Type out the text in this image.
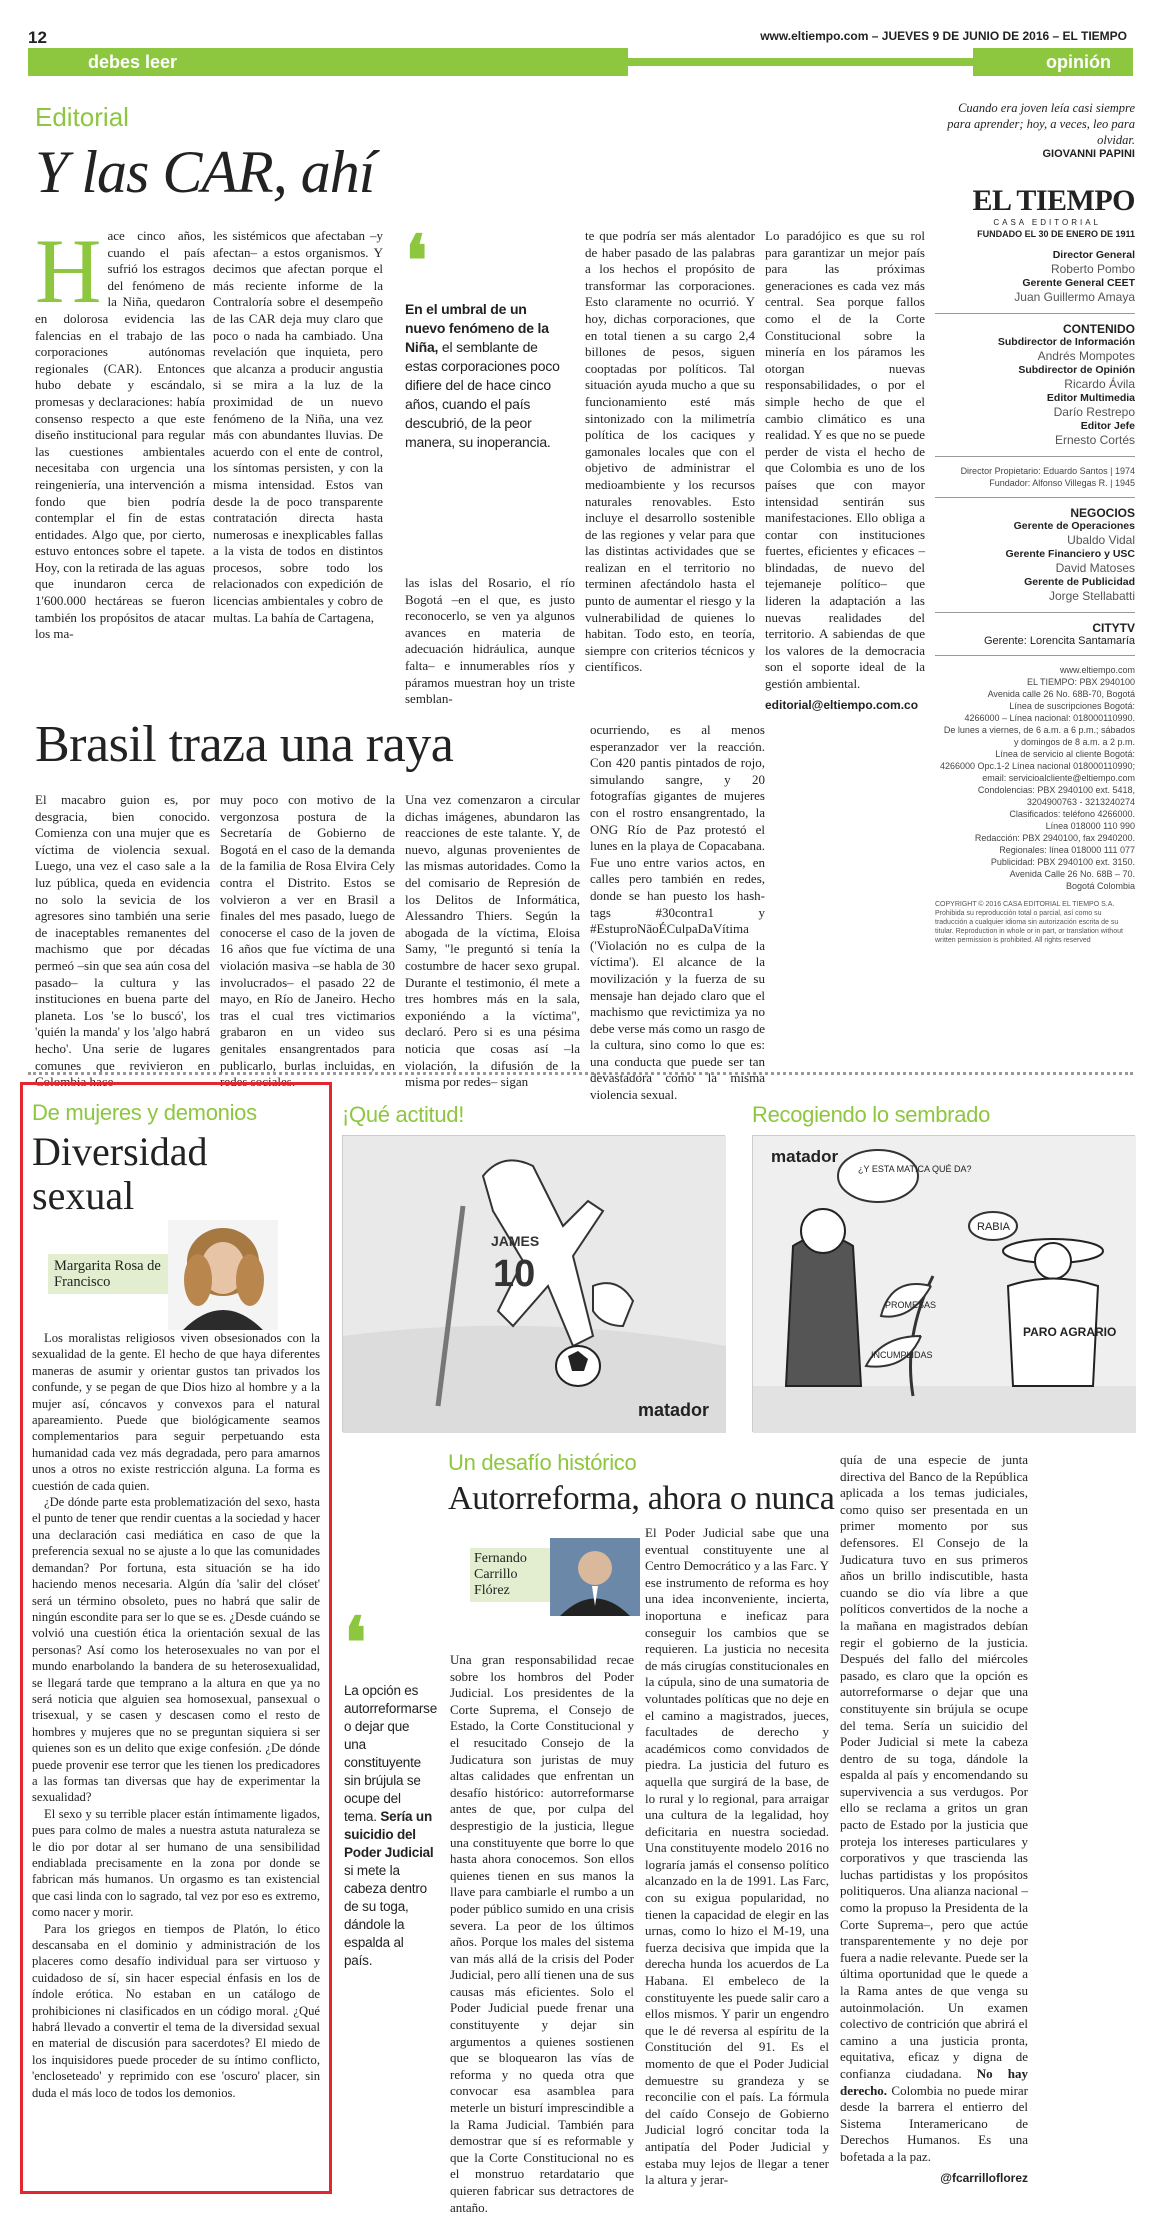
12	www.eltiempo.com – JUEVES 9 DE JUNIO DE 2016 – EL TIEMPO
debes leer	opinión
Editorial
Y las CAR, ahí
H ace cinco años, cuando el país sufrió los estragos del fenómeno de la Niña, quedaron en dolorosa evidencia las falencias en el trabajo de las corporaciones autónomas regionales (CAR). Entonces hubo debate y escándalo, promesas y declaraciones: había consenso respecto a que este diseño institucional para regular las cuestiones ambientales necesitaba con urgencia una reingeniería, una intervención a fondo que bien podría contemplar el fin de estas entidades. Algo que, por cierto, estuvo entonces sobre el tapete. Hoy, con la retirada de las aguas que inundaron cerca de 1'600.000 hectáreas se fueron también los propósitos de atacar los ma-
les sistémicos que afectaban –y afectan– a estos organismos. Y decimos que afectan porque el más reciente informe de la Contraloría sobre el desempeño de las CAR deja muy claro que poco o nada ha cambiado. Una revelación que inquieta, pero que alcanza a producir angustia si se mira a la luz de la proximidad de un nuevo fenómeno de la Niña, una vez más con abundantes lluvias. De acuerdo con el ente de control, los síntomas persisten, y con la misma intensidad. Estos van desde la de poco transparente contratación directa hasta numerosas e inexplicables fallas a la vista de todos en distintos procesos, sobre todo los relacionados con expedición de licencias ambientales y cobro de multas. La bahía de Cartagena,
❛
En el umbral de un nuevo fenómeno de la Niña, el semblante de estas corporaciones poco difiere del de hace cinco años, cuando el país descubrió, de la peor manera, su inoperancia.
las islas del Rosario, el río Bogotá –en el que, es justo reconocerlo, se ven ya algunos avances en materia de adecuación hidráulica, aunque falta– e innumerables ríos y páramos muestran hoy un triste semblan-
te que podría ser más alentador de haber pasado de las palabras a los hechos el propósito de transformar las corporaciones. Esto claramente no ocurrió. Y hoy, dichas corporaciones, que en total tienen a su cargo 2,4 billones de pesos, siguen cooptadas por políticos. Tal situación ayuda mucho a que su funcionamiento esté más sintonizado con la milimetría política de los caciques y gamonales locales que con el objetivo de administrar el medioambiente y los recursos naturales renovables. Esto incluye el desarrollo sostenible de las regiones y velar para que las distintas actividades que se realizan en el territorio no terminen afectándolo hasta el punto de aumentar el riesgo y la vulnerabilidad de quienes lo habitan. Todo esto, en teoría, siempre con criterios técnicos y científicos.
Lo paradójico es que su rol para garantizar un mejor país para las próximas generaciones es cada vez más central. Sea porque fallos como el de la Corte Constitucional sobre la minería en los páramos les otorgan nuevas responsabilidades, o por el simple hecho de que el cambio climático es una realidad. Y es que no se puede perder de vista el hecho de que Colombia es uno de los países que con mayor intensidad sentirán sus manifestaciones. Ello obliga a contar con instituciones fuertes, eficientes y eficaces –blindadas, de nuevo del tejemaneje político– que lideren la adaptación a las nuevas realidades del territorio. A sabiendas de que los valores de la democracia son el soporte ideal de la gestión ambiental.
editorial@eltiempo.com.co
Cuando era joven leía casi siempre para aprender; hoy, a veces, leo para olvidar.
GIOVANNI PAPINI
EL TIEMPO
CASA EDITORIAL
FUNDADO EL 30 DE ENERO DE 1911
Director General
Roberto Pombo
Gerente General CEET
Juan Guillermo Amaya
CONTENIDO
Subdirector de Información
Andrés Mompotes
Subdirector de Opinión
Ricardo Ávila
Editor Multimedia
Darío Restrepo
Editor Jefe
Ernesto Cortés
Director Propietario: Eduardo Santos | 1974
Fundador: Alfonso Villegas R. | 1945
NEGOCIOS
Gerente de Operaciones
Ubaldo Vidal
Gerente Financiero y USC
David Matoses
Gerente de Publicidad
Jorge Stellabatti
CITYTV
Gerente: Lorencita Santamaría
www.eltiempo.com
EL TIEMPO: PBX 2940100
Avenida calle 26 No. 68B-70, Bogotá
Línea de suscripciones Bogotá:
4266000 – Línea nacional: 018000110990.
De lunes a viernes, de 6 a.m. a 6 p.m.; sábados
y domingos de 8 a.m. a 2 p.m.
Línea de servicio al cliente Bogotá:
4266000 Opc.1-2 Línea nacional 018000110990;
email: servicioalcliente@eltiempo.com
Condolencias: PBX 2940100 ext. 5418,
3204900763 - 3213240274
Clasificados: teléfono 4266000.
Línea 018000 110 990
Redacción: PBX 2940100, fax 2940200.
Regionales: línea 018000 111 077
Publicidad: PBX 2940100 ext. 3150.
Avenida Calle 26 No. 68B – 70.
Bogotá Colombia
COPYRIGHT © 2016 CASA EDITORIAL EL TIEMPO S.A. Prohibida su reproducción total o parcial, así como su traducción a cualquier idioma sin autorización escrita de su titular. Reproduction in whole or in part, or translation without written permission is prohibited. All rights reserved
Brasil traza una raya
El macabro guion es, por desgracia, bien conocido. Comienza con una mujer que es víctima de violencia sexual. Luego, una vez el caso sale a la luz pública, queda en evidencia no solo la sevicia de los agresores sino también una serie de inaceptables remanentes del machismo que por décadas permeó –sin que sea aún cosa del pasado– la cultura y las instituciones en buena parte del planeta. Los 'se lo buscó', los 'quién la manda' y los 'algo habrá hecho'. Una serie de lugares comunes que revivieron en Colombia hace
muy poco con motivo de la vergonzosa postura de la Secretaría de Gobierno de Bogotá en el caso de la demanda de la familia de Rosa Elvira Cely contra el Distrito. Estos se volvieron a ver en Brasil a finales del mes pasado, luego de conocerse el caso de la joven de 16 años que fue víctima de una violación masiva –se habla de 30 involucrados– el pasado 22 de mayo, en Río de Janeiro. Hecho tras el cual tres victimarios grabaron en un video sus genitales ensangrentados para publicarlo, burlas incluidas, en redes sociales.
Una vez comenzaron a circular dichas imágenes, abundaron las reacciones de este talante. Y, de nuevo, algunas provenientes de las mismas autoridades. Como la del comisario de Represión de los Delitos de Informática, Alessandro Thiers. Según la abogada de la víctima, Eloisa Samy, "le preguntó si tenía la costumbre de hacer sexo grupal. Durante el testimonio, él mete a tres hombres más en la sala, exponiéndo a la víctima", declaró. Pero si es una pésima noticia que cosas así –la violación, la difusión de la misma por redes– sigan
ocurriendo, es al menos esperanzador ver la reacción. Con 420 pantis pintados de rojo, simulando sangre, y 20 fotografías gigantes de mujeres con el rostro ensangrentado, la ONG Río de Paz protestó el lunes en la playa de Copacabana. Fue uno entre varios actos, en calles pero también en redes, donde se han puesto los hash-tags #30contra1 y #EstuproNãoÉCulpaDaVítima ('Violación no es culpa de la víctima'). El alcance de la movilización y la fuerza de su mensaje han dejado claro que el machismo que revictimiza ya no debe verse más como un rasgo de la cultura, sino como lo que es: una conducta que puede ser tan devastadora como la misma violencia sexual.
De mujeres y demonios
Diversidad sexual
Margarita Rosa de Francisco

Los moralistas religiosos viven obsesionados con la sexualidad de la gente. El hecho de que haya diferentes maneras de asumir y orientar gustos tan privados los confunde, y se pegan de que Dios hizo al hombre y a la mujer así, cóncavos y convexos para el natural apareamiento. Puede que biológicamente seamos complementarios para seguir perpetuando esta humanidad cada vez más degradada, pero para amarnos unos a otros no existe restricción alguna. La forma es cuestión de cada quien.

¿De dónde parte esta problematización del sexo, hasta el punto de tener que rendir cuentas a la sociedad y hacer una declaración casi mediática en caso de que la preferencia sexual no se ajuste a lo que las comunidades demandan? Por fortuna, esta situación se ha ido haciendo menos necesaria. Algún día 'salir del clóset' será un término obsoleto, pues no habrá que salir de ningún escondite para ser lo que se es. ¿Desde cuándo se volvió una cuestión ética la orientación sexual de las personas? Así como los heterosexuales no van por el mundo enarbolando la bandera de su heterosexualidad, se llegará tarde que temprano a la altura en que ya no será noticia que alguien sea homosexual, pansexual o trisexual, y se casen y descasen como el resto de hombres y mujeres que no se preguntan siquiera si ser quienes son es un delito que exige confesión. ¿De dónde puede provenir ese terror que les tienen los predicadores a las formas tan diversas que hay de experimentar la sexualidad?

El sexo y su terrible placer están íntimamente ligados, pues para colmo de males a nuestra astuta naturaleza se le dio por dotar al ser humano de una sensibilidad endiablada precisamente en la zona por donde se fabrican más humanos. Un orgasmo es tan existencial que casi linda con lo sagrado, tal vez por eso es extremo, como nacer y morir.

Para los griegos en tiempos de Platón, lo ético descansaba en el dominio y administración de los placeres como desafío individual para ser virtuoso y cuidadoso de sí, sin hacer especial énfasis en los de índole erótica. No estaban en un catálogo de prohibiciones ni clasificados en un código moral. ¿Qué habrá llevado a convertir el tema de la diversidad sexual en material de discusión para sacerdotes? El miedo de los inquisidores puede proceder de su íntimo conflicto, 'encloseteado' y reprimido con ese 'oscuro' placer, sin duda el más loco de todos los demonios.

¡Qué actitud!
JAMES
10
matador
Recogiendo lo sembrado
matador
¿Y ESTA MATICA QUÉ DA?
RABIA
PROMESAS
INCUMPLIDAS
PARO AGRARIO
Un desafío histórico
Autorreforma, ahora o nunca
❛
La opción es autorreformarse o dejar que una constituyente sin brújula se ocupe del tema. Sería un suicidio del Poder Judicial si mete la cabeza dentro de su toga, dándole la espalda al país.
Fernando Carrillo Flórez
Una gran responsabilidad recae sobre los hombros del Poder Judicial. Los presidentes de la Corte Suprema, el Consejo de Estado, la Corte Constitucional y el resucitado Consejo de la Judicatura son juristas de muy altas calidades que enfrentan un desafío histórico: autorreformarse antes de que, por culpa del desprestigio de la justicia, llegue una constituyente que borre lo que hasta ahora conocemos. Son ellos quienes tienen en sus manos la llave para cambiarle el rumbo a un poder público sumido en una crisis severa. La peor de los últimos años. Porque los males del sistema van más allá de la crisis del Poder Judicial, pero allí tienen una de sus causas más eficientes. Solo el Poder Judicial puede frenar una constituyente y dejar sin argumentos a quienes sostienen que se bloquearon las vías de reforma y no queda otra que convocar esa asamblea para meterle un bisturí imprescindible a la Rama Judicial. También para demostrar que sí es reformable y que la Corte Constitucional no es el monstruo retardatario que quieren fabricar sus detractores de antaño.
El Poder Judicial sabe que una eventual constituyente une al Centro Democrático y a las Farc. Y ese instrumento de reforma es hoy una idea inconveniente, incierta, inoportuna e ineficaz para conseguir los cambios que se requieren. La justicia no necesita de más cirugías constitucionales en la cúpula, sino de una sumatoria de voluntades políticas que no deje en el camino a magistrados, jueces, facultades de derecho y académicos como convidados de piedra. La justicia del futuro es aquella que surgirá de la base, de lo rural y lo regional, para arraigar una cultura de la legalidad, hoy deficitaria en nuestra sociedad. Una constituyente modelo 2016 no lograría jamás el consenso político alcanzado en la de 1991. Las Farc, con su exigua popularidad, no tienen la capacidad de elegir en las urnas, como lo hizo el M-19, una fuerza decisiva que impida que la derecha hunda los acuerdos de La Habana. El embeleco de la constituyente les puede salir caro a ellos mismos. Y parir un engendro que le dé reversa al espíritu de la Constitución del 91. Es el momento de que el Poder Judicial demuestre su grandeza y se reconcilie con el país. La fórmula del caído Consejo de Gobierno Judicial logró concitar toda la antipatía del Poder Judicial y estaba muy lejos de llegar a tener la altura y jerar-
quía de una especie de junta directiva del Banco de la República aplicada a los temas judiciales, como quiso ser presentada en un primer momento por sus defensores. El Consejo de la Judicatura tuvo en sus primeros años un brillo indiscutible, hasta cuando se dio vía libre a que políticos convertidos de la noche a la mañana en magistrados debían regir el gobierno de la justicia. Después del fallo del miércoles pasado, es claro que la opción es autorreformarse o dejar que una constituyente sin brújula se ocupe del tema. Sería un suicidio del Poder Judicial si mete la cabeza dentro de su toga, dándole la espalda al país y encomendando su supervivencia a sus verdugos. Por ello se reclama a gritos un gran pacto de Estado por la justicia que proteja los intereses particulares y corporativos y que trascienda las luchas partidistas y los propósitos politiqueros. Una alianza nacional –como la propuso la Presidenta de la Corte Suprema–, pero que actúe transparentemente y no deje por fuera a nadie relevante. Puede ser la última oportunidad que le quede a la Rama antes de que venga su autoinmolación. Un examen colectivo de contrición que abrirá el camino a una justicia pronta, equitativa, eficaz y digna de confianza ciudadana. No hay derecho. Colombia no puede mirar desde la barrera el entierro del Sistema Interamericano de Derechos Humanos. Es una bofetada a la paz.
@fcarrilloflorez
